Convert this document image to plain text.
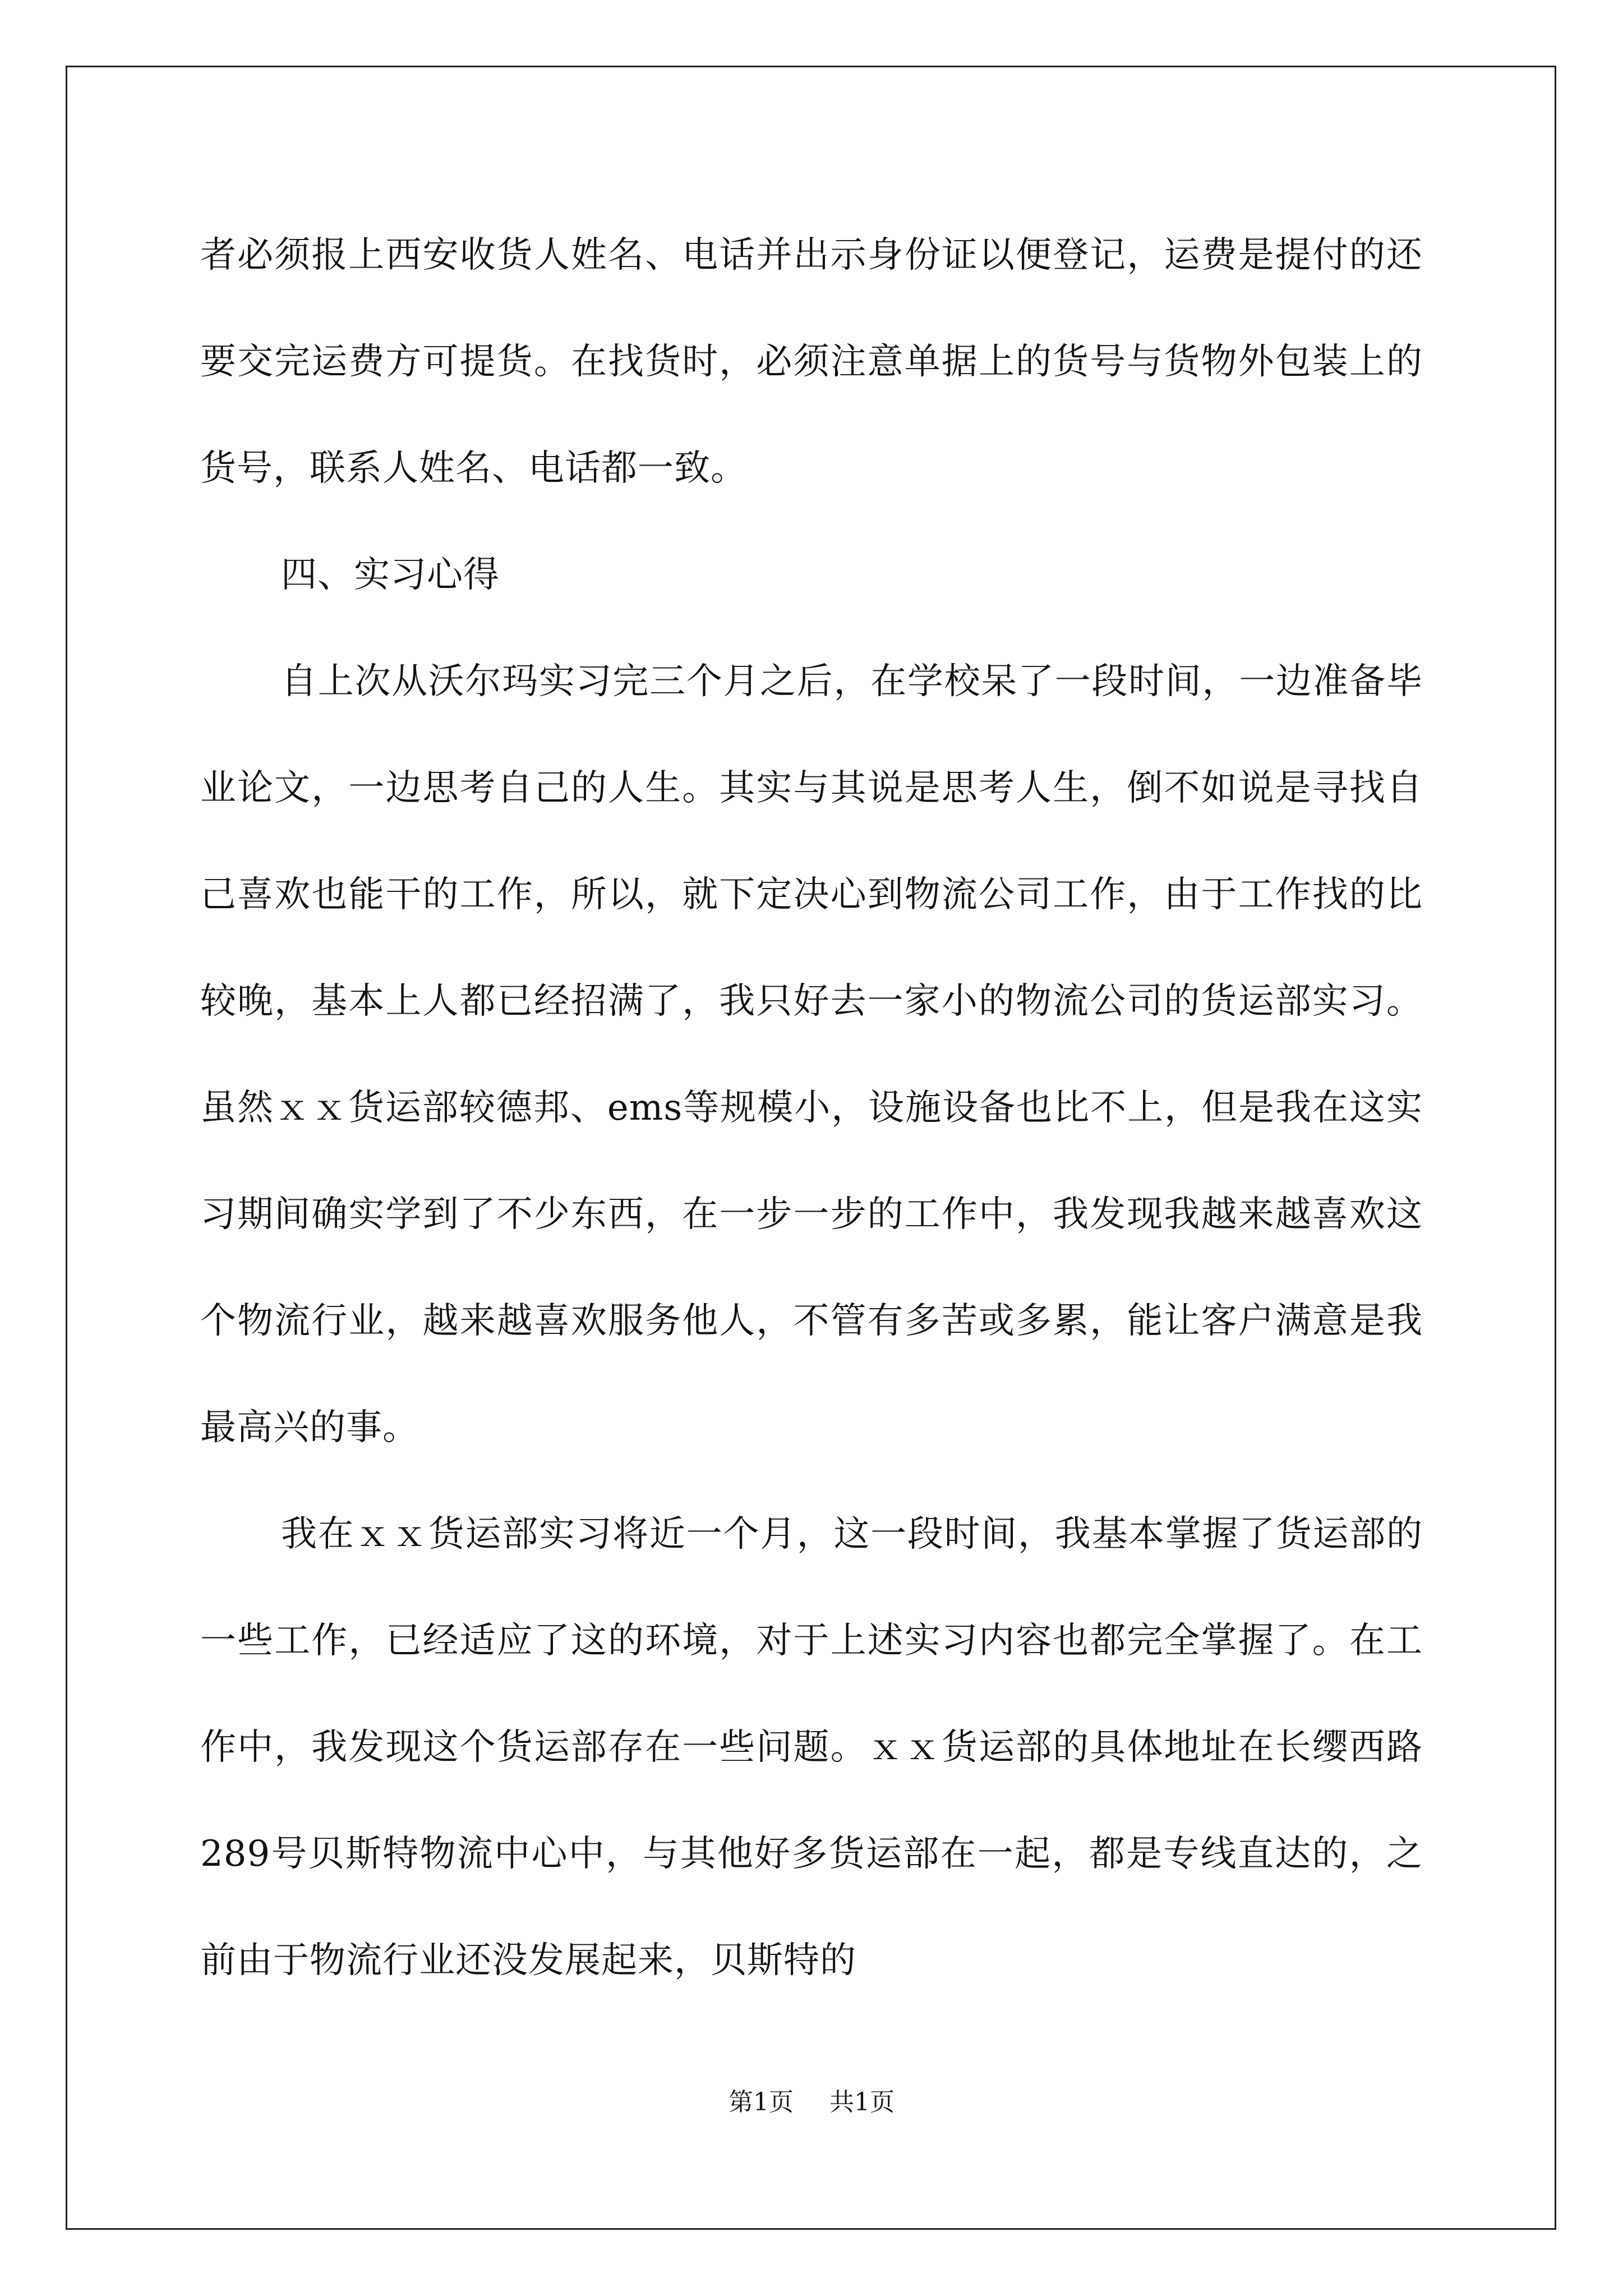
者必须报上西安收货人姓名、电话并出示身份证以便登记，运费是提付的还要交完运费方可提货。在找货时，必须注意单据上的货号与货物外包装上的货号，联系人姓名、电话都一致。

四、实习心得

自上次从沃尔玛实习完三个月之后，在学校呆了一段时间，一边准备毕业论文，一边思考自己的人生。其实与其说是思考人生，倒不如说是寻找自己喜欢也能干的工作，所以，就下定决心到物流公司工作，由于工作找的比较晚，基本上人都已经招满了，我只好去一家小的物流公司的货运部实习。虽然ｘｘ货运部较德邦、ems等规模小，设施设备也比不上，但是我在这实习期间确实学到了不少东西，在一步一步的工作中，我发现我越来越喜欢这个物流行业，越来越喜欢服务他人，不管有多苦或多累，能让客户满意是我最高兴的事。

我在ｘｘ货运部实习将近一个月，这一段时间，我基本掌握了货运部的一些工作，已经适应了这的环境，对于上述实习内容也都完全掌握了。在工作中，我发现这个货运部存在一些问题。ｘｘ货运部的具体地址在长缨西路289号贝斯特物流中心中，与其他好多货运部在一起，都是专线直达的，之前由于物流行业还没发展起来，贝斯特的

第1页 共1页
